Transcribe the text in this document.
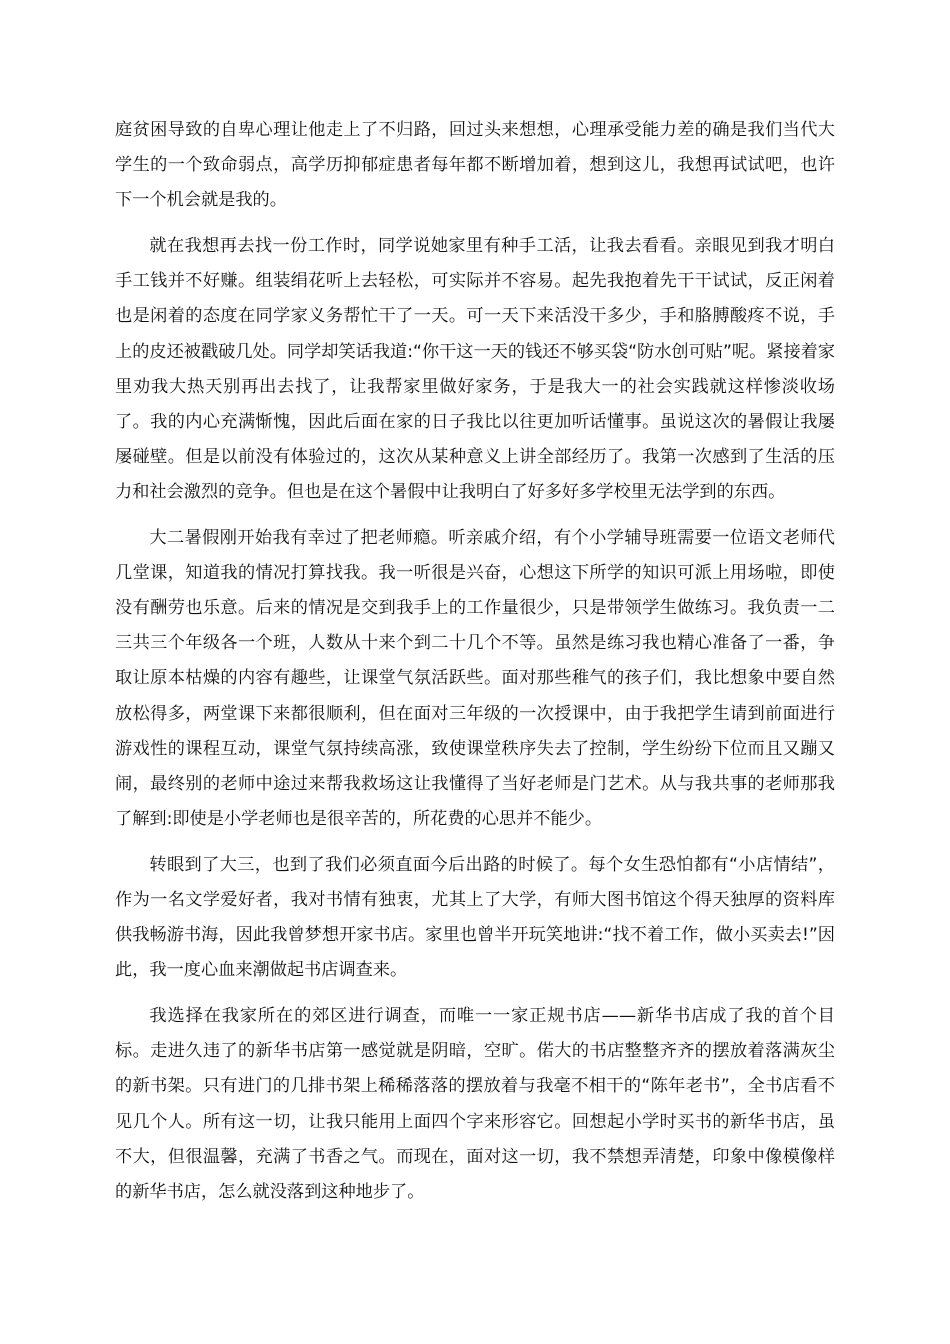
庭贫困导致的自卑心理让他走上了不归路，回过头来想想，心理承受能力差的确是我们当代大学生的一个致命弱点，高学历抑郁症患者每年都不断增加着，想到这儿，我想再试试吧，也许下一个机会就是我的。

就在我想再去找一份工作时，同学说她家里有种手工活，让我去看看。亲眼见到我才明白手工钱并不好赚。组装绢花听上去轻松，可实际并不容易。起先我抱着先干干试试，反正闲着也是闲着的态度在同学家义务帮忙干了一天。可一天下来活没干多少，手和胳膊酸疼不说，手上的皮还被戳破几处。同学却笑话我道:“你干这一天的钱还不够买袋“防水创可贴”呢。紧接着家里劝我大热天别再出去找了，让我帮家里做好家务，于是我大一的社会实践就这样惨淡收场了。我的内心充满惭愧，因此后面在家的日子我比以往更加听话懂事。虽说这次的暑假让我屡屡碰壁。但是以前没有体验过的，这次从某种意义上讲全部经历了。我第一次感到了生活的压力和社会激烈的竞争。但也是在这个暑假中让我明白了好多好多学校里无法学到的东西。

大二暑假刚开始我有幸过了把老师瘾。听亲戚介绍，有个小学辅导班需要一位语文老师代几堂课，知道我的情况打算找我。我一听很是兴奋，心想这下所学的知识可派上用场啦，即使没有酬劳也乐意。后来的情况是交到我手上的工作量很少，只是带领学生做练习。我负责一二三共三个年级各一个班，人数从十来个到二十几个不等。虽然是练习我也精心准备了一番，争取让原本枯燥的内容有趣些，让课堂气氛活跃些。面对那些稚气的孩子们，我比想象中要自然放松得多，两堂课下来都很顺利，但在面对三年级的一次授课中，由于我把学生请到前面进行游戏性的课程互动，课堂气氛持续高涨，致使课堂秩序失去了控制，学生纷纷下位而且又蹦又闹，最终别的老师中途过来帮我救场这让我懂得了当好老师是门艺术。从与我共事的老师那我了解到:即使是小学老师也是很辛苦的，所花费的心思并不能少。

转眼到了大三，也到了我们必须直面今后出路的时候了。每个女生恐怕都有“小店情结”，作为一名文学爱好者，我对书情有独衷，尤其上了大学，有师大图书馆这个得天独厚的资料库供我畅游书海，因此我曾梦想开家书店。家里也曾半开玩笑地讲:“找不着工作，做小买卖去!”因此，我一度心血来潮做起书店调查来。

我选择在我家所在的郊区进行调查，而唯一一家正规书店——新华书店成了我的首个目标。走进久违了的新华书店第一感觉就是阴暗，空旷。偌大的书店整整齐齐的摆放着落满灰尘的新书架。只有进门的几排书架上稀稀落落的摆放着与我毫不相干的“陈年老书”，全书店看不见几个人。所有这一切，让我只能用上面四个字来形容它。回想起小学时买书的新华书店，虽不大，但很温馨，充满了书香之气。而现在，面对这一切，我不禁想弄清楚，印象中像模像样的新华书店，怎么就没落到这种地步了。
